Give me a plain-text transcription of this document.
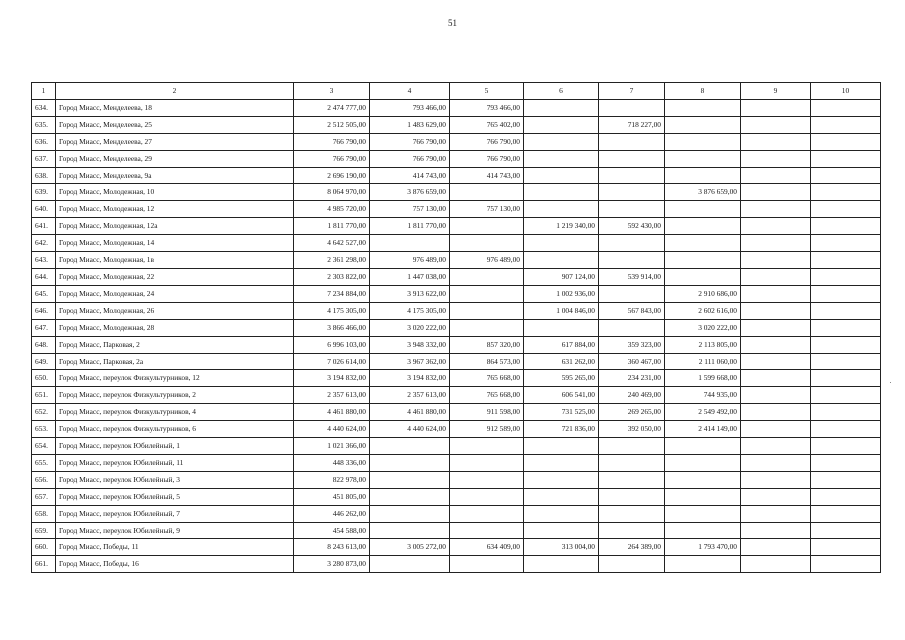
51
1	2	3	4	5	6	7	8	9	10
634.	Город Миасс, Менделеева, 18	2 474 777,00	793 466,00	793 466,00					
635.	Город Миасс, Менделеева, 25	2 512 505,00	1 483 629,00	765 402,00		718 227,00			
636.	Город Миасс, Менделеева, 27	766 790,00	766 790,00	766 790,00					
637.	Город Миасс, Менделеева, 29	766 790,00	766 790,00	766 790,00					
638.	Город Миасс, Менделеева, 9а	2 696 190,00	414 743,00	414 743,00					
639.	Город Миасс, Молодежная, 10	8 064 970,00	3 876 659,00				3 876 659,00		
640.	Город Миасс, Молодежная, 12	4 985 720,00	757 130,00	757 130,00					
641.	Город Миасс, Молодежная, 12а	1 811 770,00	1 811 770,00		1 219 340,00	592 430,00			
642.	Город Миасс, Молодежная, 14	4 642 527,00							
643.	Город Миасс, Молодежная, 1в	2 361 298,00	976 489,00	976 489,00					
644.	Город Миасс, Молодежная, 22	2 303 822,00	1 447 038,00		907 124,00	539 914,00			
645.	Город Миасс, Молодежная, 24	7 234 884,00	3 913 622,00		1 002 936,00		2 910 686,00		
646.	Город Миасс, Молодежная, 26	4 175 305,00	4 175 305,00		1 004 846,00	567 843,00	2 602 616,00		
647.	Город Миасс, Молодежная, 28	3 866 466,00	3 020 222,00				3 020 222,00		
648.	Город Миасс, Парковая, 2	6 996 103,00	3 948 332,00	857 320,00	617 884,00	359 323,00	2 113 805,00		
649.	Город Миасс, Парковая, 2а	7 026 614,00	3 967 362,00	864 573,00	631 262,00	360 467,00	2 111 060,00		
650.	Город Миасс, переулок Физкультурников, 12	3 194 832,00	3 194 832,00	765 668,00	595 265,00	234 231,00	1 599 668,00		
651.	Город Миасс, переулок Физкультурников, 2	2 357 613,00	2 357 613,00	765 668,00	606 541,00	240 469,00	744 935,00		
652.	Город Миасс, переулок Физкультурников, 4	4 461 880,00	4 461 880,00	911 598,00	731 525,00	269 265,00	2 549 492,00		
653.	Город Миасс, переулок Физкультурников, 6	4 440 624,00	4 440 624,00	912 589,00	721 836,00	392 050,00	2 414 149,00		
654.	Город Миасс, переулок Юбилейный, 1	1 021 366,00							
655.	Город Миасс, переулок Юбилейный, 11	448 336,00							
656.	Город Миасс, переулок Юбилейный, 3	822 978,00							
657.	Город Миасс, переулок Юбилейный, 5	451 805,00							
658.	Город Миасс, переулок Юбилейный, 7	446 262,00							
659.	Город Миасс, переулок Юбилейный, 9	454 588,00							
660.	Город Миасс, Победы, 11	8 243 613,00	3 005 272,00	634 409,00	313 004,00	264 389,00	1 793 470,00		
661.	Город Миасс, Победы, 16	3 280 873,00							
